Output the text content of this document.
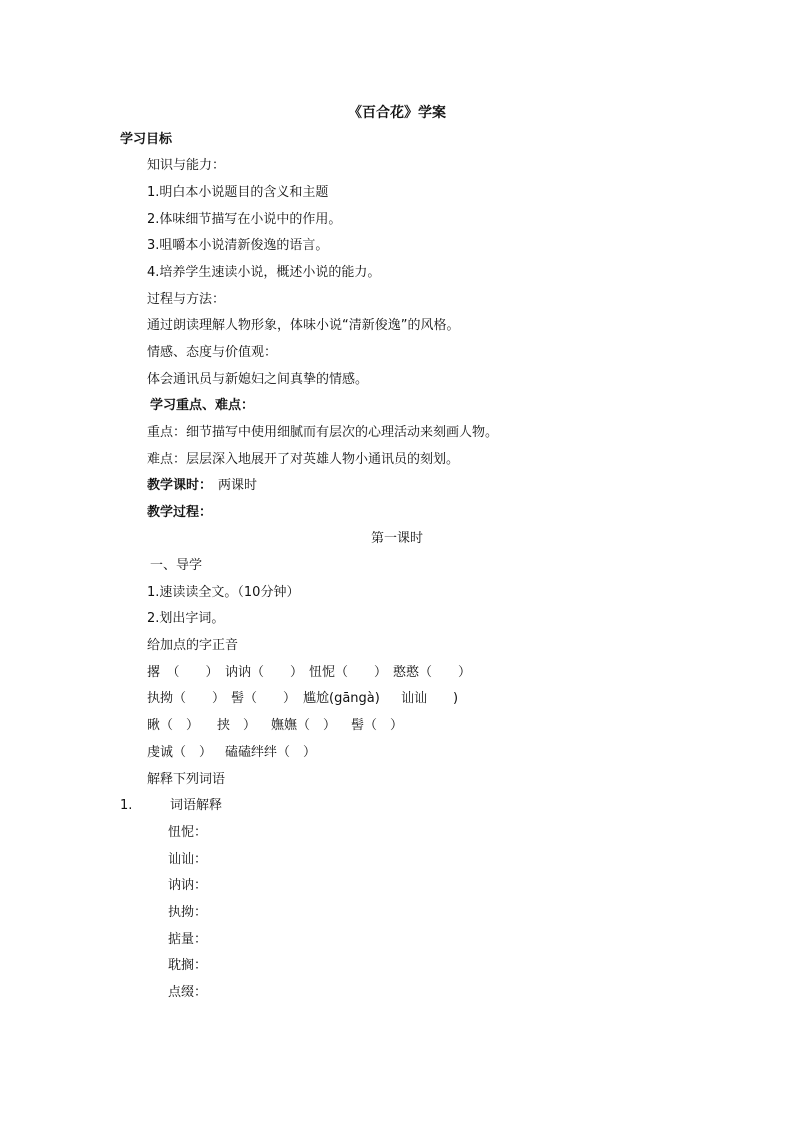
《百合花》学案
学习目标
知识与能力：
1.明白本小说题目的含义和主题
2.体味细节描写在小说中的作用。
3.咀嚼本小说清新俊逸的语言。
4.培养学生速读小说，概述小说的能力。
过程与方法：
通过朗读理解人物形象，体味小说“清新俊逸”的风格。
情感、态度与价值观：
体会通讯员与新媳妇之间真挚的情感。
学习重点、难点：
重点：细节描写中使用细腻而有层次的心理活动来刻画人物。
难点：层层深入地展开了对英雄人物小通讯员的刻划。
教学课时： 两课时
教学过程：
第一课时
一、导学
1.速读读全文。（10分钟）
2.划出字词。
给加点的字正音
撂　（　　） 讷讷（　　） 忸怩（　　） 憨憨（　　）
执拗（　　） 髻（　　） 尴尬(gāngà) 讪讪　　)
瞅（　） 挟　） 嫵嫵（　） 髻（　）
虔诚（　） 磕磕绊绊（　）
解释下列词语
1.	词语解释
忸怩：
讪讪：
讷讷：
执拗：
掂量：
耽搁：
点缀：
